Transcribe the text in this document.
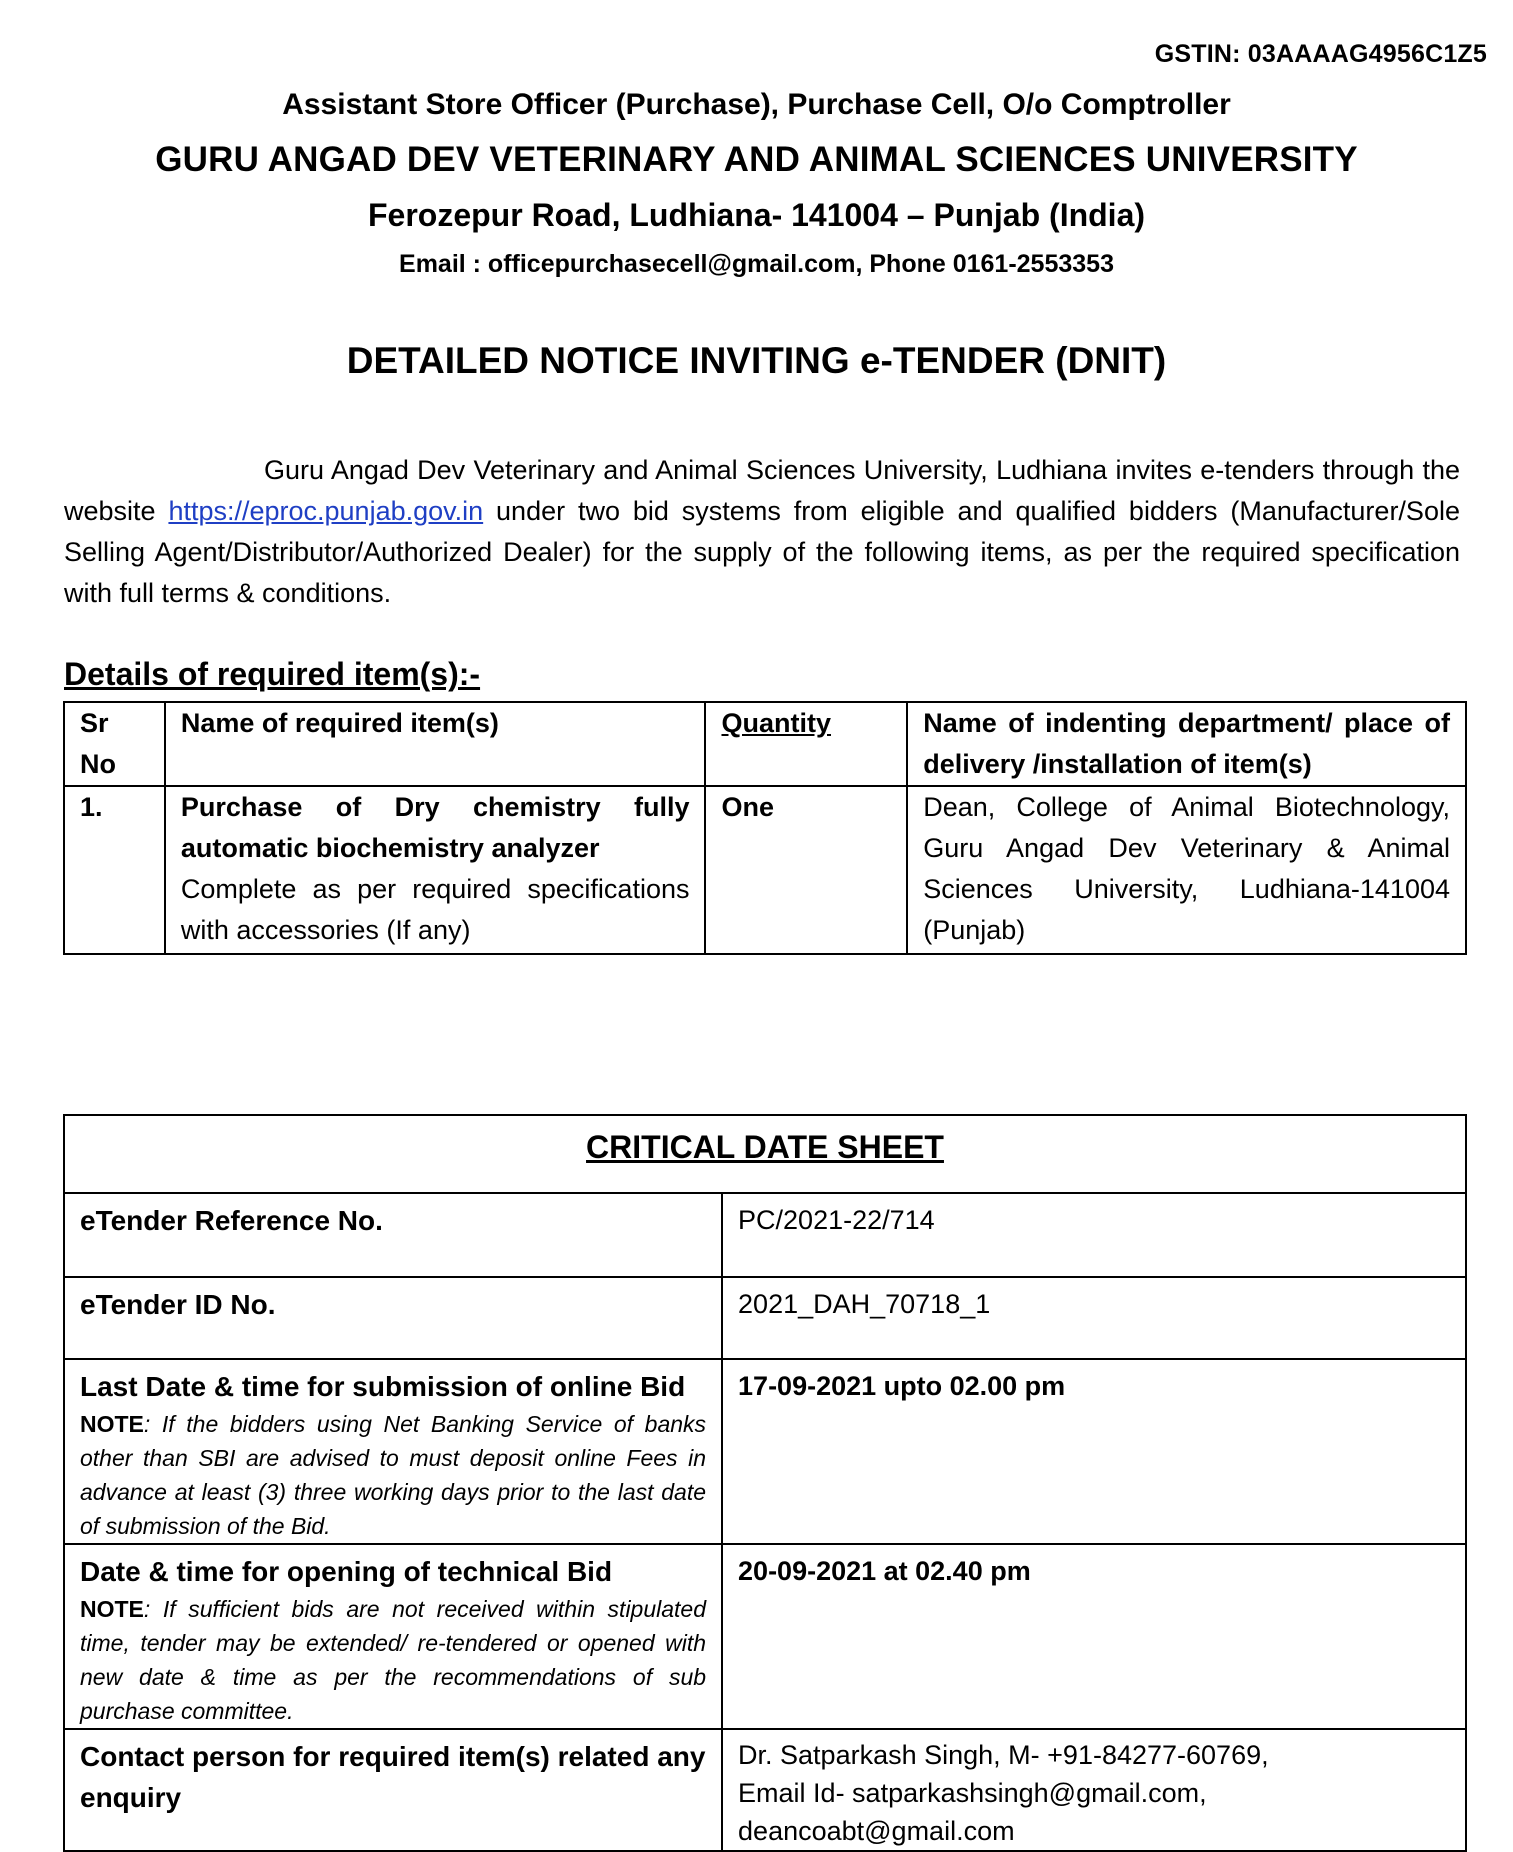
GSTIN: 03AAAAG4956C1Z5
Assistant Store Officer (Purchase), Purchase Cell, O/o Comptroller
GURU ANGAD DEV VETERINARY AND ANIMAL SCIENCES UNIVERSITY
Ferozepur Road, Ludhiana- 141004 – Punjab (India)
Email : officepurchasecell@gmail.com, Phone 0161-2553353
DETAILED NOTICE INVITING e-TENDER (DNIT)

Guru Angad Dev Veterinary and Animal Sciences University, Ludhiana invites e-tenders through the website https://eproc.punjab.gov.in under two bid systems from eligible and qualified bidders (Manufacturer/Sole Selling Agent/Distributor/Authorized Dealer) for the supply of the following items, as per the required specification with full terms & conditions.

Details of required item(s):-
Sr No	Name of required item(s)	Quantity	Name of indenting department/ place of delivery /installation of item(s)
1.	Purchase of Dry chemistry fully automatic biochemistry analyzer
Complete as per required specifications with accessories (If any)	One	Dean, College of Animal Biotechnology, Guru Angad Dev Veterinary & Animal Sciences University, Ludhiana-141004 (Punjab)
CRITICAL DATE SHEET	
eTender Reference No.	PC/2021-22/714
eTender ID No.	2021_DAH_70718_1

Last Date & time for submission of online Bid
NOTE: If the bidders using Net Banking Service of banks other than SBI are advised to must deposit online Fees in advance at least (3) three working days prior to the last date of submission of the Bid.	17-09-2021 upto 02.00 pm

Date & time for opening of technical Bid
NOTE: If sufficient bids are not received within stipulated time, tender may be extended/ re-tendered or opened with new date & time as per the recommendations of sub purchase committee.	20-09-2021 at 02.40 pm
Contact person for required item(s) related any enquiry	Dr. Satparkash Singh, M- +91-84277-60769,
Email Id- satparkashsingh@gmail.com,
deancoabt@gmail.com
